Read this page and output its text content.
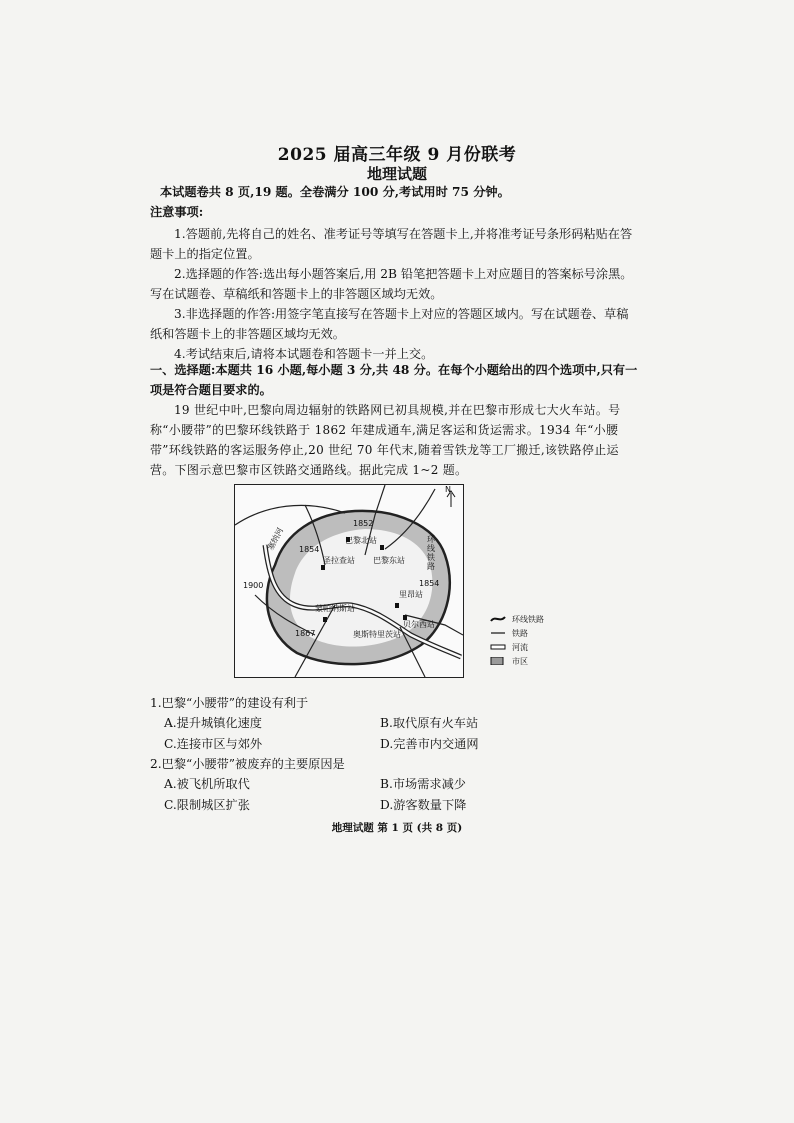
2025 届高三年级 9 月份联考
地理试题
本试题卷共 8 页,19 题。全卷满分 100 分,考试用时 75 分钟。
注意事项:
1.答题前,先将自己的姓名、准考证号等填写在答题卡上,并将准考证号条形码粘贴在答题卡上的指定位置。
2.选择题的作答:选出每小题答案后,用 2B 铅笔把答题卡上对应题目的答案标号涂黑。写在试题卷、草稿纸和答题卡上的非答题区域均无效。
3.非选择题的作答:用签字笔直接写在答题卡上对应的答题区域内。写在试题卷、草稿纸和答题卡上的非答题区域均无效。
4.考试结束后,请将本试题卷和答题卡一并上交。
一、选择题:本题共 16 小题,每小题 3 分,共 48 分。在每个小题给出的四个选项中,只有一项是符合题目要求的。
19 世纪中叶,巴黎向周边辐射的铁路网已初具规模,并在巴黎市形成七大火车站。号称“小腰带”的巴黎环线铁路于 1862 年建成通车,满足客运和货运需求。1934 年“小腰带”环线铁路的客运服务停止,20 世纪 70 年代末,随着雪铁龙等工厂搬迁,该铁路停止运营。下图示意巴黎市区铁路交通路线。据此完成 1~2 题。
N
塞纳河
1852
巴黎北站
巴黎东站
1854
圣拉查站
环线铁路
1854
里昂站
1900
蒙帕纳斯站
贝尔西站
奥斯特里茨站
1867
环线铁路
铁路
河流
市区
1.巴黎“小腰带”的建设有利于
A.提升城镇化速度	B.取代原有火车站
C.连接市区与郊外	D.完善市内交通网
2.巴黎“小腰带”被废弃的主要原因是
A.被飞机所取代	B.市场需求减少
C.限制城区扩张	D.游客数量下降
地理试题 第 1 页 (共 8 页)
